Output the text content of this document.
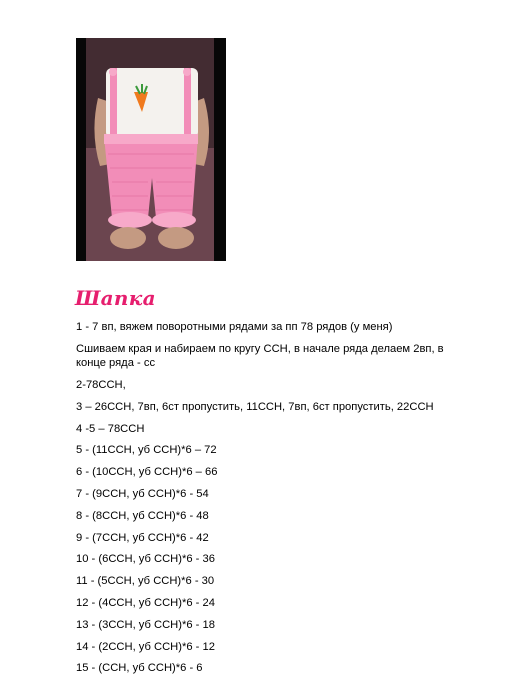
Шапка
1 - 7 вп, вяжем поворотными рядами за пп 78 рядов (у меня)
Сшиваем края и набираем по кругу ССН, в начале ряда делаем 2вп, в конце ряда - сс
2-78ССН,
3 – 26ССН, 7вп, 6ст пропустить, 11ССН, 7вп, 6ст пропустить, 22ССН
4 -5 – 78ССН
5 - (11ССН, уб ССН)*6 – 72
6 - (10ССН, уб ССН)*6 – 66
7 - (9ССН, уб ССН)*6 - 54
8 - (8ССН, уб ССН)*6 - 48
9 - (7ССН, уб ССН)*6 - 42
10 - (6ССН, уб ССН)*6 - 36
11 - (5ССН, уб ССН)*6 - 30
12 - (4ССН, уб ССН)*6 - 24
13 - (3ССН, уб ССН)*6 - 18
14 - (2ССН, уб ССН)*6 - 12
15 - (ССН, уб ССН)*6 - 6
